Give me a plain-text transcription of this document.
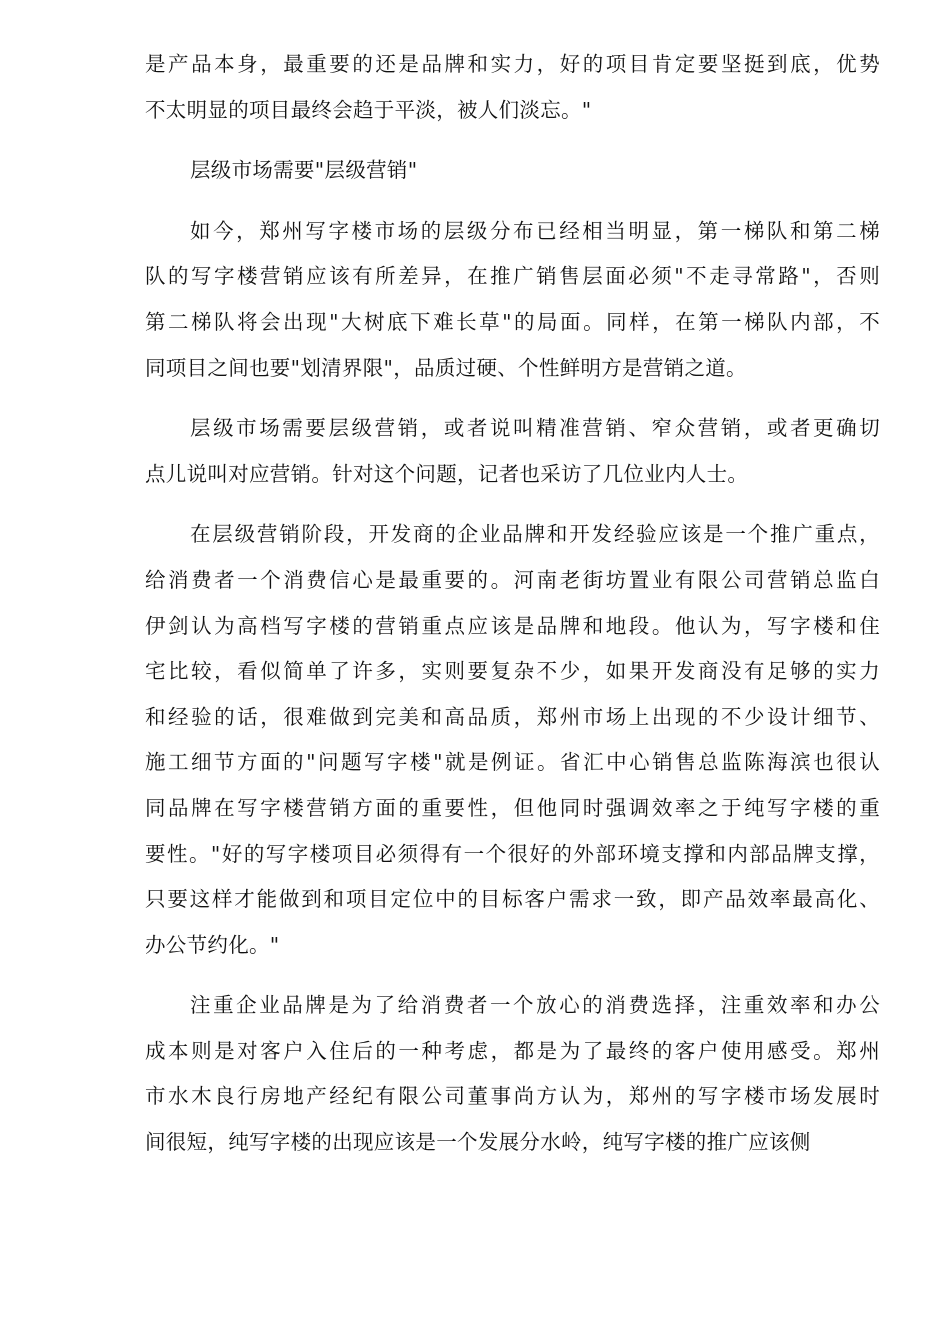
是产品本身，最重要的还是品牌和实力，好的项目肯定要坚挺到底，优势
不太明显的项目最终会趋于平淡，被人们淡忘。"
层级市场需要"层级营销"
如今，郑州写字楼市场的层级分布已经相当明显，第一梯队和第二梯
队的写字楼营销应该有所差异，在推广销售层面必须"不走寻常路"，否则
第二梯队将会出现"大树底下难长草"的局面。同样，在第一梯队内部，不
同项目之间也要"划清界限"，品质过硬、个性鲜明方是营销之道。
层级市场需要层级营销，或者说叫精准营销、窄众营销，或者更确切
点儿说叫对应营销。针对这个问题，记者也采访了几位业内人士。
在层级营销阶段，开发商的企业品牌和开发经验应该是一个推广重点，
给消费者一个消费信心是最重要的。河南老街坊置业有限公司营销总监白
伊剑认为高档写字楼的营销重点应该是品牌和地段。他认为，写字楼和住
宅比较，看似简单了许多，实则要复杂不少，如果开发商没有足够的实力
和经验的话，很难做到完美和高品质，郑州市场上出现的不少设计细节、
施工细节方面的"问题写字楼"就是例证。省汇中心销售总监陈海滨也很认
同品牌在写字楼营销方面的重要性，但他同时强调效率之于纯写字楼的重
要性。"好的写字楼项目必须得有一个很好的外部环境支撑和内部品牌支撑，
只要这样才能做到和项目定位中的目标客户需求一致，即产品效率最高化、
办公节约化。"
注重企业品牌是为了给消费者一个放心的消费选择，注重效率和办公
成本则是对客户入住后的一种考虑，都是为了最终的客户使用感受。郑州
市水木良行房地产经纪有限公司董事尚方认为，郑州的写字楼市场发展时
间很短，纯写字楼的出现应该是一个发展分水岭，纯写字楼的推广应该侧
